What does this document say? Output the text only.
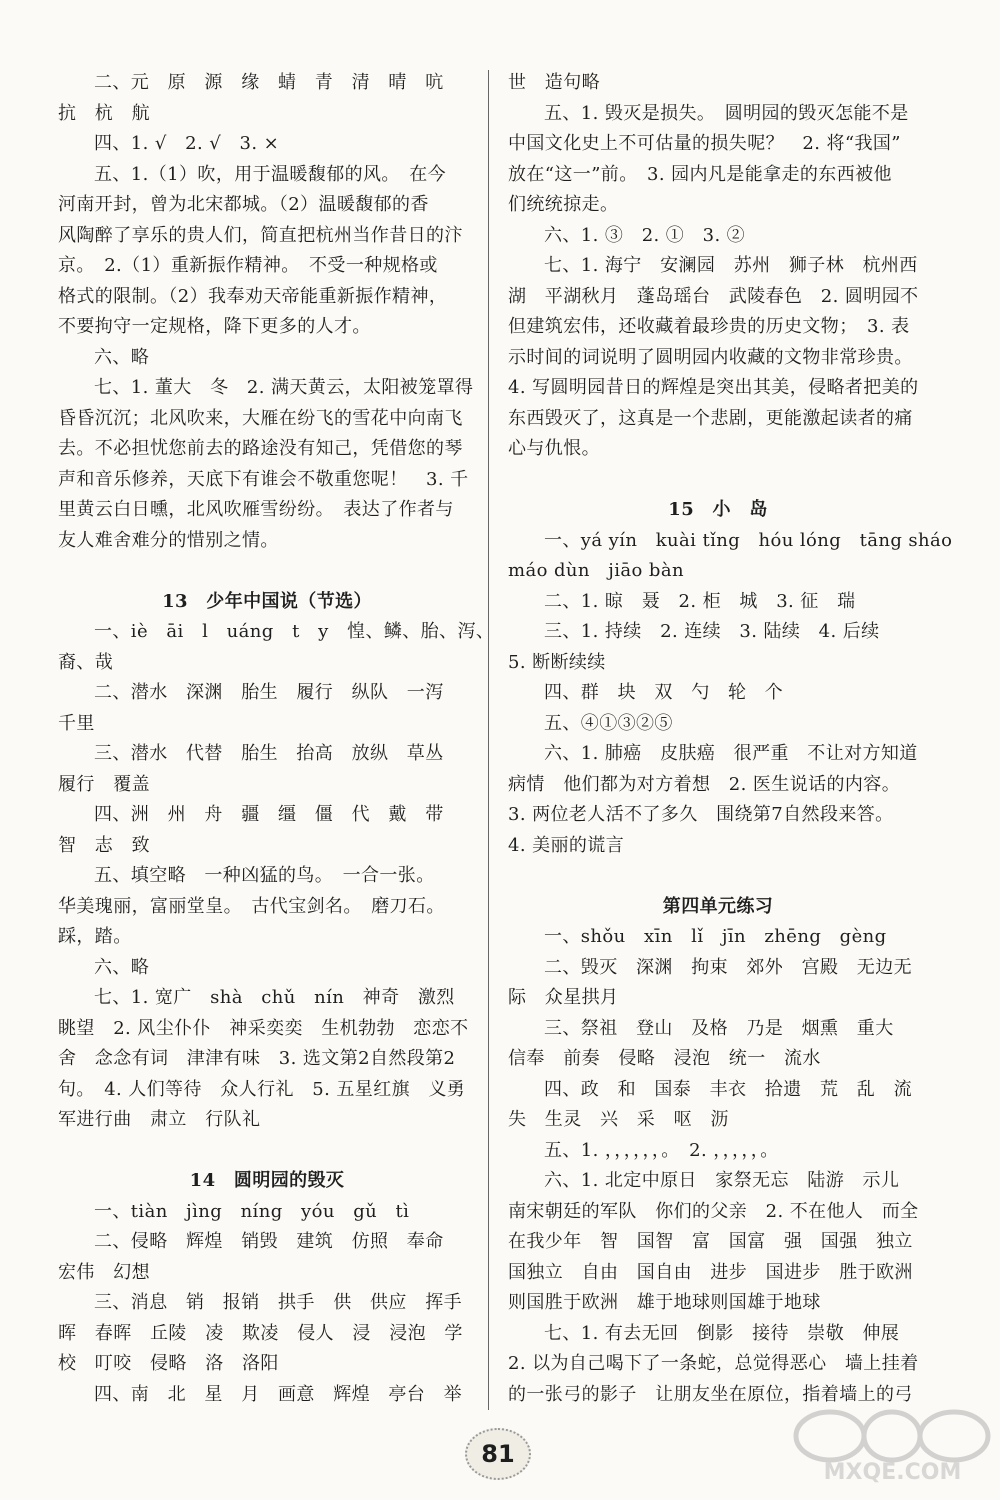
二、元　原　源　缘　蜻　青　清　晴　吭
抗　杭　航
四、1. √　2. √　3. ×
五、1.（1）吹，用于温暖馥郁的风。　在今
河南开封，曾为北宋都城。（2）温暖馥郁的香
风陶醉了享乐的贵人们，简直把杭州当作昔日的汴
京。　2.（1）重新振作精神。　不受一种规格或
格式的限制。（2）我奉劝天帝能重新振作精神，
不要拘守一定规格，降下更多的人才。
六、略
七、1. 董大　冬　2. 满天黄云，太阳被笼罩得
昏昏沉沉；北风吹来，大雁在纷飞的雪花中向南飞
去。不必担忧您前去的路途没有知己，凭借您的琴
声和音乐修养，天底下有谁会不敬重您呢！　3. 千
里黄云白日曛，北风吹雁雪纷纷。　表达了作者与
友人难舍难分的惜别之情。
13　少年中国说（节选）
一、iè　āi　l　uáng　t　y　惶、鳞、胎、泻、
裔、哉
二、潜水　深渊　胎生　履行　纵队　一泻
千里
三、潜水　代替　胎生　抬高　放纵　草丛
履行　覆盖
四、洲　州　舟　疆　缰　僵　代　戴　带
智　志　致
五、填空略　一种凶猛的鸟。　一合一张。
华美瑰丽，富丽堂皇。　古代宝剑名。　磨刀石。
踩，踏。
六、略
七、1. 宽广　shà　chǔ　nín　神奇　激烈
眺望　2. 风尘仆仆　神采奕奕　生机勃勃　恋恋不
舍　念念有词　津津有味　3. 选文第2自然段第2
句。　4. 人们等待　众人行礼　5. 五星红旗　义勇
军进行曲　肃立　行队礼
14　圆明园的毁灭
一、tiàn　jìng　níng　yóu　gǔ　tì
二、侵略　辉煌　销毁　建筑　仿照　奉命
宏伟　幻想
三、消息　销　报销　拱手　供　供应　挥手
晖　春晖　丘陵　凌　欺凌　侵人　浸　浸泡　学
校　叮咬　侵略　洛　洛阳
四、南　北　星　月　画意　辉煌　亭台　举
世　造句略
五、1. 毁灭是损失。　圆明园的毁灭怎能不是
中国文化史上不可估量的损失呢？　2. 将“我国”
放在“这一”前。　3. 园内凡是能拿走的东西被他
们统统掠走。
六、1. ③　2. ①　3. ②
七、1. 海宁　安澜园　苏州　狮子林　杭州西
湖　平湖秋月　蓬岛瑶台　武陵春色　2. 圆明园不
但建筑宏伟，还收藏着最珍贵的历史文物；　3. 表
示时间的词说明了圆明园内收藏的文物非常珍贵。
4. 写圆明园昔日的辉煌是突出其美，侵略者把美的
东西毁灭了，这真是一个悲剧，更能激起读者的痛
心与仇恨。
15　小　岛
一、yá yín　kuài tǐng　hóu lóng　tāng sháo
máo dùn　jiāo bàn
二、1. 晾　聂　2. 柜　城　3. 征　瑞
三、1. 持续　2. 连续　3. 陆续　4. 后续
5. 断断续续
四、群　块　双　勺　轮　个
五、④①③②⑤
六、1. 肺癌　皮肤癌　很严重　不让对方知道
病情　他们都为对方着想　2. 医生说话的内容。
3. 两位老人活不了多久　围绕第7自然段来答。
4. 美丽的谎言
第四单元练习
一、shǒu　xīn　lǐ　jīn　zhēng　gèng
二、毁灭　深渊　拘束　郊外　宫殿　无边无
际　众星拱月
三、祭祖　登山　及格　乃是　烟熏　重大
信奉　前奏　侵略　浸泡　统一　流水
四、政　和　国泰　丰衣　拾遗　荒　乱　流
失　生灵　兴　采　呕　沥
五、1. ，，，，，，。　2. ，，，，，。
六、1. 北定中原日　家祭无忘　陆游　示儿
南宋朝廷的军队　你们的父亲　2. 不在他人　而全
在我少年　智　国智　富　国富　强　国强　独立
国独立　自由　国自由　进步　国进步　胜于欧洲
则国胜于欧洲　雄于地球则国雄于地球
七、1. 有去无回　倒影　接待　崇敬　伸展
2. 以为自己喝下了一条蛇，总觉得恶心　墙上挂着
的一张弓的影子　让朋友坐在原位，指着墙上的弓
81
MXQE.COM
